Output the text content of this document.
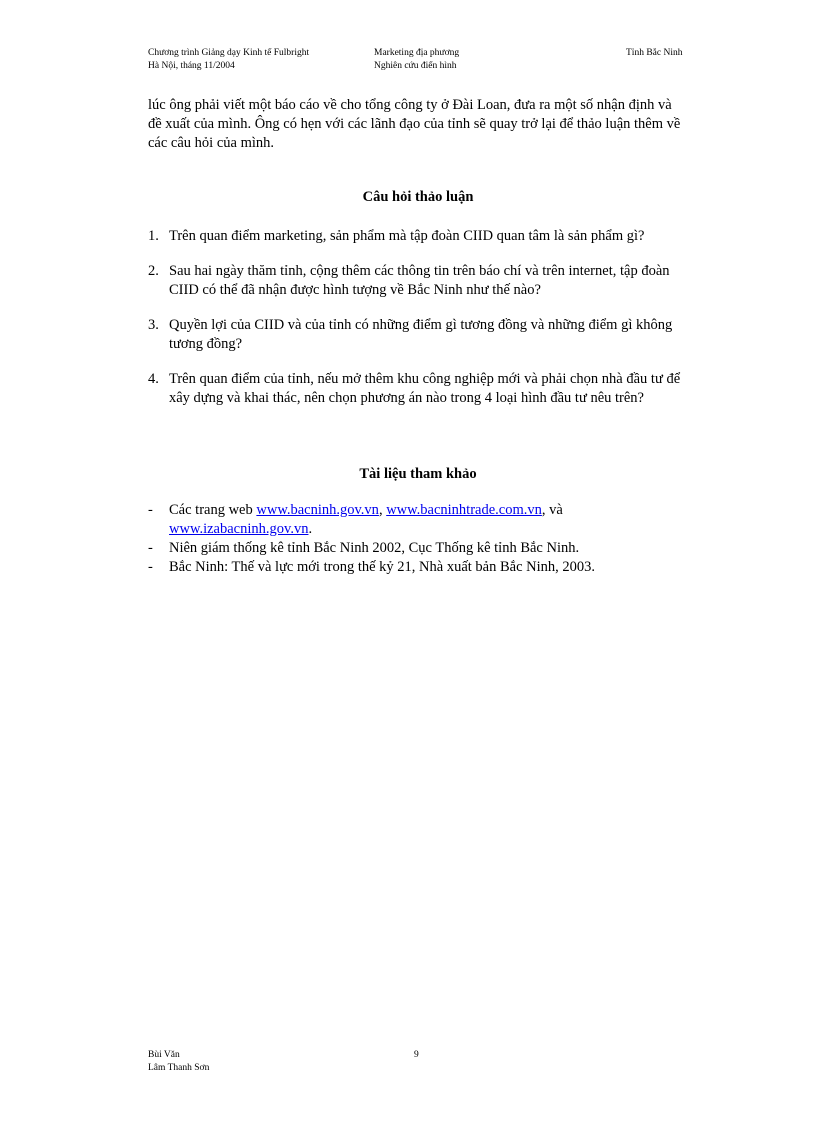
Chương trình Giảng dạy Kinh tế Fulbright
Hà Nội, tháng 11/2004
Marketing địa phương
Nghiên cứu điển hình
Tỉnh Bắc Ninh

lúc ông phải viết một báo cáo về cho tổng công ty ở Đài Loan, đưa ra một số nhận định và đề xuất của mình. Ông có hẹn với các lãnh đạo của tỉnh sẽ quay trở lại để thảo luận thêm về các câu hỏi của mình.

Câu hỏi thảo luận
1. Trên quan điểm marketing, sản phẩm mà tập đoàn CIID quan tâm là sản phẩm gì?
2. Sau hai ngày thăm tỉnh, cộng thêm các thông tin trên báo chí và trên internet, tập đoàn CIID có thể đã nhận được hình tượng về Bắc Ninh như thế nào?
3. Quyền lợi của CIID và của tỉnh có những điểm gì tương đồng và những điểm gì không tương đồng?
4. Trên quan điểm của tỉnh, nếu mở thêm khu công nghiệp mới và phải chọn nhà đầu tư để xây dựng và khai thác, nên chọn phương án nào trong 4 loại hình đầu tư nêu trên?
Tài liệu tham khảo
- Các trang web www.bacninh.gov.vn, www.bacninhtrade.com.vn, và www.izabacninh.gov.vn.
- Niên giám thống kê tỉnh Bắc Ninh 2002, Cục Thống kê tỉnh Bắc Ninh.
- Bắc Ninh: Thế và lực mới trong thế kỷ 21, Nhà xuất bản Bắc Ninh, 2003.
Bùi Văn
Lâm Thanh Sơn
9
